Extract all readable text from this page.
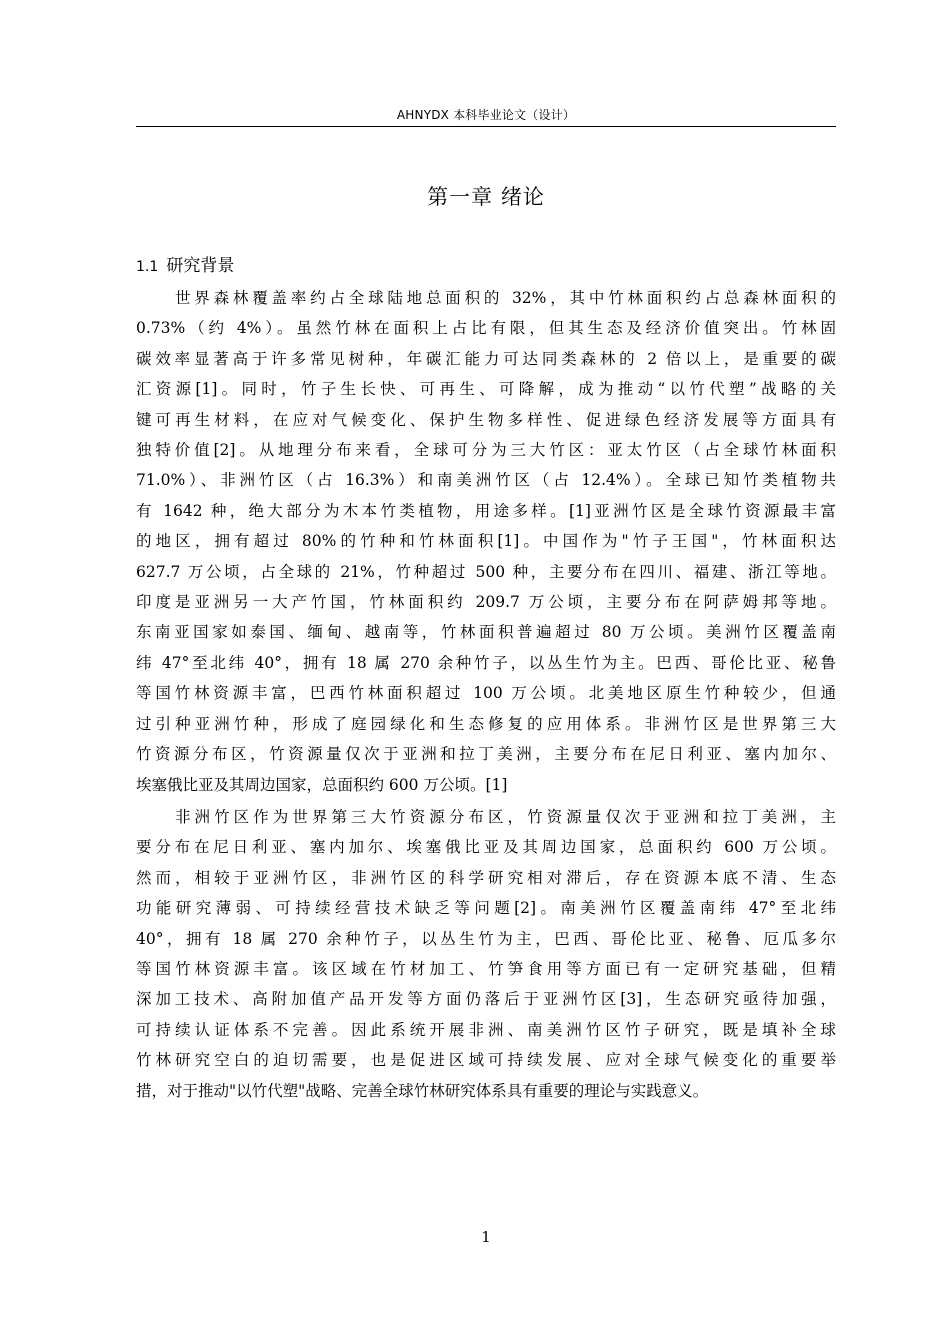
AHNYDX 本科毕业论文（设计）
第一章 绪论
1.1 研究背景
世界森林覆盖率约占全球陆地总面积的 32%，其中竹林面积约占总森林面积的
0.73%（约 4%）。虽然竹林在面积上占比有限，但其生态及经济价值突出。竹林固
碳效率显著高于许多常见树种，年碳汇能力可达同类森林的 2 倍以上，是重要的碳
汇资源[1]。同时，竹子生长快、可再生、可降解，成为推动“以竹代塑”战略的关
键可再生材料，在应对气候变化、保护生物多样性、促进绿色经济发展等方面具有
独特价值[2]。从地理分布来看，全球可分为三大竹区：亚太竹区（占全球竹林面积
71.0%）、非洲竹区（占 16.3%）和南美洲竹区（占 12.4%）。全球已知竹类植物共
有 1642 种，绝大部分为木本竹类植物，用途多样。[1]亚洲竹区是全球竹资源最丰富
的地区，拥有超过 80%的竹种和竹林面积[1]。中国作为"竹子王国"，竹林面积达
627.7 万公顷，占全球的 21%，竹种超过 500 种，主要分布在四川、福建、浙江等地。
印度是亚洲另一大产竹国，竹林面积约 209.7 万公顷，主要分布在阿萨姆邦等地。
东南亚国家如泰国、缅甸、越南等，竹林面积普遍超过 80 万公顷。美洲竹区覆盖南
纬 47°至北纬 40°，拥有 18 属 270 余种竹子，以丛生竹为主。巴西、哥伦比亚、秘鲁
等国竹林资源丰富，巴西竹林面积超过 100 万公顷。北美地区原生竹种较少，但通
过引种亚洲竹种，形成了庭园绿化和生态修复的应用体系。非洲竹区是世界第三大
竹资源分布区，竹资源量仅次于亚洲和拉丁美洲，主要分布在尼日利亚、塞内加尔、
埃塞俄比亚及其周边国家，总面积约 600 万公顷。[1]
非洲竹区作为世界第三大竹资源分布区，竹资源量仅次于亚洲和拉丁美洲，主
要分布在尼日利亚、塞内加尔、埃塞俄比亚及其周边国家，总面积约 600 万公顷。
然而，相较于亚洲竹区，非洲竹区的科学研究相对滞后，存在资源本底不清、生态
功能研究薄弱、可持续经营技术缺乏等问题[2]。南美洲竹区覆盖南纬 47°至北纬
40°，拥有 18 属 270 余种竹子，以丛生竹为主，巴西、哥伦比亚、秘鲁、厄瓜多尔
等国竹林资源丰富。该区域在竹材加工、竹笋食用等方面已有一定研究基础，但精
深加工技术、高附加值产品开发等方面仍落后于亚洲竹区[3]，生态研究亟待加强，
可持续认证体系不完善。因此系统开展非洲、南美洲竹区竹子研究，既是填补全球
竹林研究空白的迫切需要，也是促进区域可持续发展、应对全球气候变化的重要举
措，对于推动"以竹代塑"战略、完善全球竹林研究体系具有重要的理论与实践意义。
1
